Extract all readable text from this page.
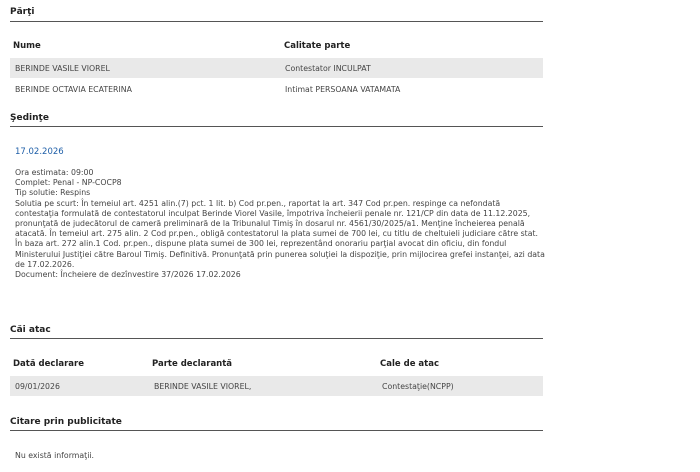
Părţi
Nume	Calitate parte
BERINDE VASILE VIOREL	Contestator INCULPAT
BERINDE OCTAVIA ECATERINA	Intimat PERSOANA VATAMATA
Şedinţe
17.02.2026
Ora estimata: 09:00
Complet: Penal - NP-COCP8
Tip solutie: Respins
Solutia pe scurt: În temeiul art. 4251 alin.(7) pct. 1 lit. b) Cod pr.pen., raportat la art. 347 Cod pr.pen. respinge ca nefondată contestaţia formulată de contestatorul inculpat Berinde Viorel Vasile, împotriva încheierii penale nr. 121/CP din data de 11.12.2025, pronunţată de judecătorul de cameră preliminară de la Tribunalul Timiş în dosarul nr. 4561/30/2025/a1. Menţine încheierea penală atacată. În temeiul art. 275 alin. 2 Cod pr.pen., obligă contestatorul la plata sumei de 700 lei, cu titlu de cheltuieli judiciare către stat. În baza art. 272 alin.1 Cod. pr.pen., dispune plata sumei de 300 lei, reprezentând onorariu parţial avocat din oficiu, din fondul Ministerului Justiţiei către Baroul Timiş. Definitivă. Pronunţată prin punerea soluţiei la dispoziţie, prin mijlocirea grefei instanţei, azi data de 17.02.2026.
Document: Încheiere de dezînvestire 37/2026 17.02.2026
Căi atac
Dată declarare	Parte declarantă	Cale de atac
09/01/2026	BERINDE VASILE VIOREL,	Contestaţie(NCPP)
Citare prin publicitate
Nu există informaţii.
